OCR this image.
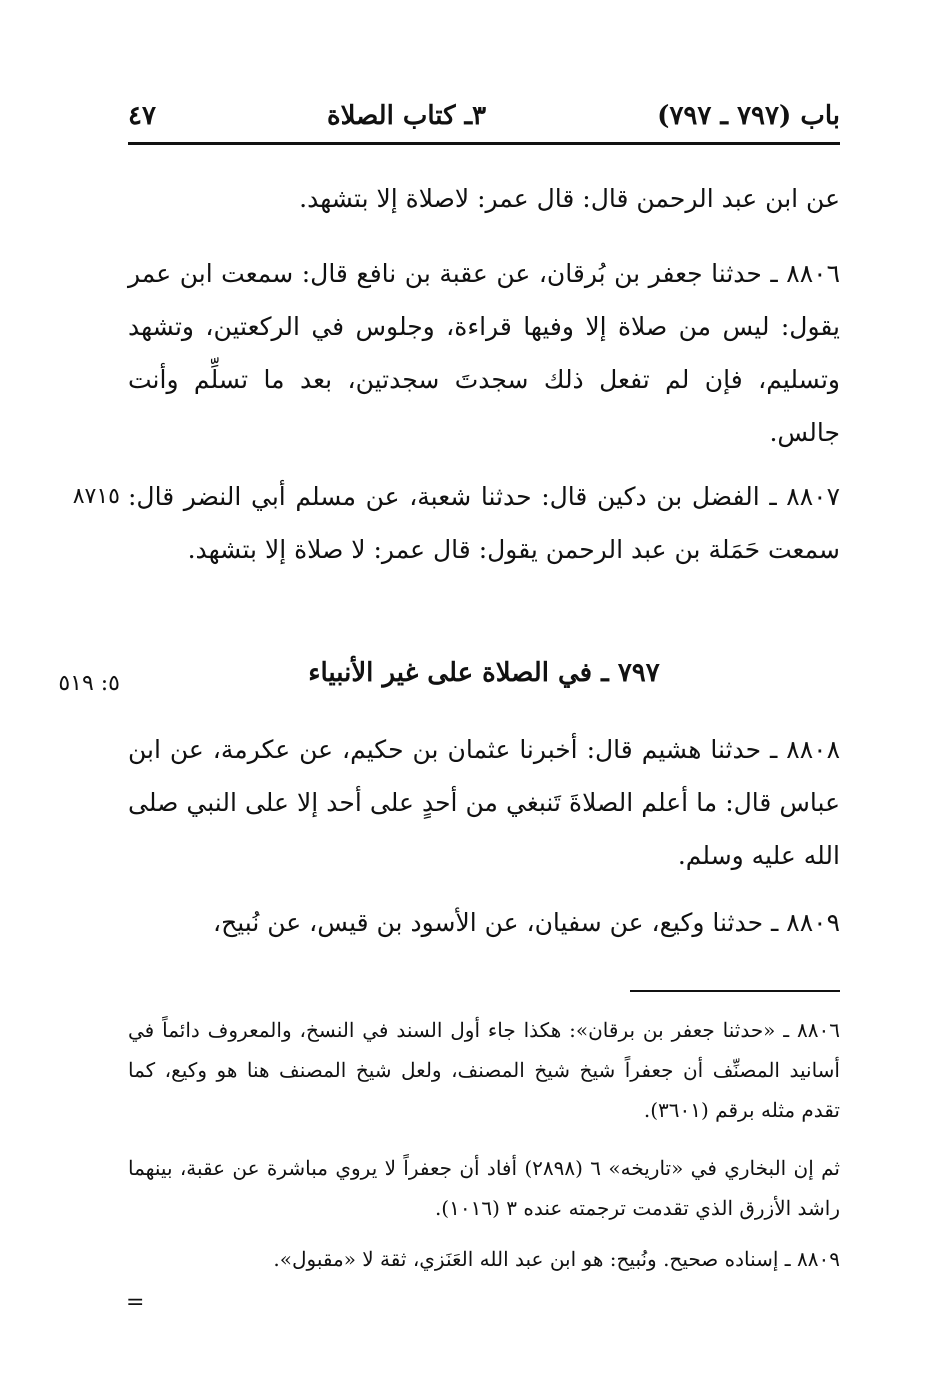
باب (٧٩٧ ـ ٧٩٧)
٣ـ كتاب الصلاة
٤٧
عن ابن عبد الرحمن قال: قال عمر: لاصلاة إلا بتشهد.
٨٨٠٦ ـ حدثنا جعفر بن بُرقان، عن عقبة بن نافع قال: سمعت ابن عمر يقول: ليس من صلاة إلا وفيها قراءة، وجلوس في الركعتين، وتشهد وتسليم، فإن لم تفعل ذلك سجدتَ سجدتين، بعد ما تسلِّم وأنت جالس.
٨٧١٥ ٨٨٠٧ ـ الفضل بن دكين قال: حدثنا شعبة، عن مسلم أبي النضر قال: سمعت حَمَلة بن عبد الرحمن يقول: قال عمر: لا صلاة إلا بتشهد.
٥: ٥١٩	٧٩٧ ـ في الصلاة على غير الأنبياء
٨٨٠٨ ـ حدثنا هشيم قال: أخبرنا عثمان بن حكيم، عن عكرمة، عن ابن عباس قال: ما أعلم الصلاةَ تَنبغي من أحدٍ على أحد إلا على النبي صلى الله عليه وسلم.
٨٨٠٩ ـ حدثنا وكيع، عن سفيان، عن الأسود بن قيس، عن نُبيح،
٨٨٠٦ ـ «حدثنا جعفر بن برقان»: هكذا جاء أول السند في النسخ، والمعروف دائماً في أسانيد المصنِّف أن جعفراً شيخ شيخ المصنف، ولعل شيخ المصنف هنا هو وكيع، كما تقدم مثله برقم (٣٦٠١).
ثم إن البخاري في «تاريخه» ٦ (٢٨٩٨) أفاد أن جعفراً لا يروي مباشرة عن عقبة، بينهما راشد الأزرق الذي تقدمت ترجمته عنده ٣ (١٠١٦).
٨٨٠٩ ـ إسناده صحيح. ونُبيح: هو ابن عبد الله العَنَزي، ثقة لا «مقبول».
=
